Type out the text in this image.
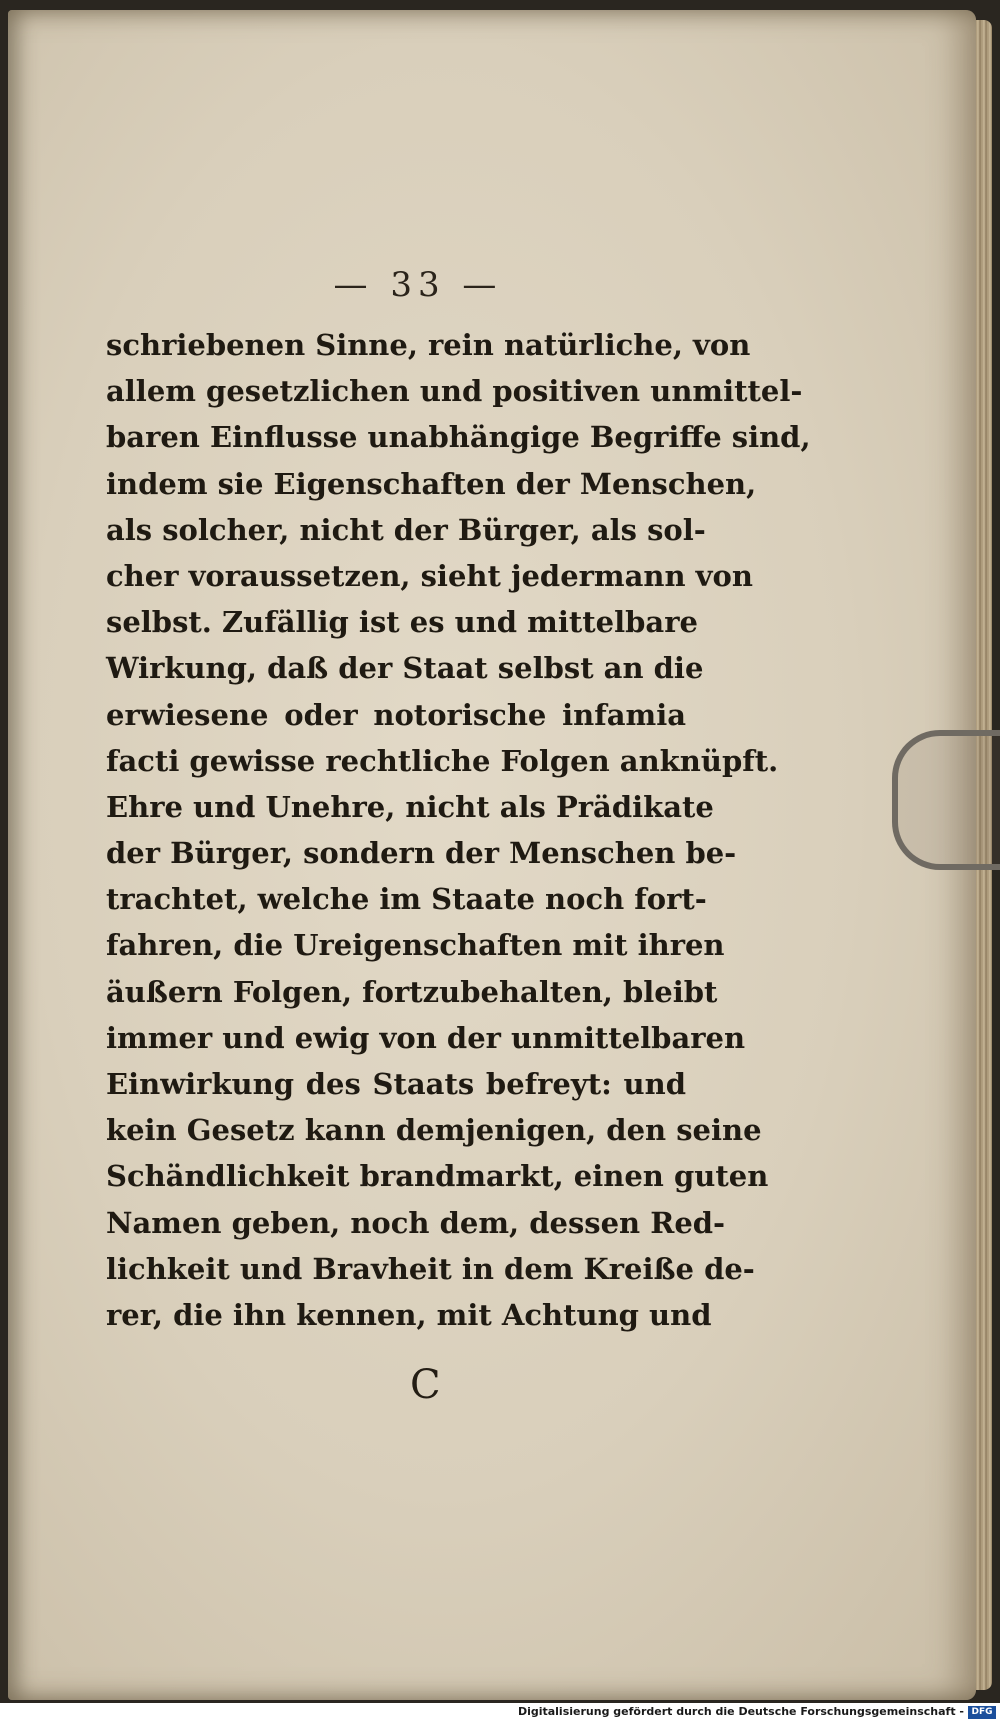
— 33 —
schriebenen Sinne, rein natürliche, von
allem gesetzlichen und positiven unmittel-
baren Einflusse unabhängige Begriffe sind,
indem sie Eigenschaften der Menschen,
als solcher, nicht der Bürger, als sol-
cher voraussetzen, sieht jedermann von
selbst. Zufällig ist es und mittelbare
Wirkung, daß der Staat selbst an die
erwiesene oder notorische infamia
facti gewisse rechtliche Folgen anknüpft.
Ehre und Unehre, nicht als Prädikate
der Bürger, sondern der Menschen be-
trachtet, welche im Staate noch fort-
fahren, die Ureigenschaften mit ihren
äußern Folgen, fortzubehalten, bleibt
immer und ewig von der unmittelbaren
Einwirkung des Staats befreyt: und
kein Gesetz kann demjenigen, den seine
Schändlichkeit brandmarkt, einen guten
Namen geben, noch dem, dessen Red-
lichkeit und Bravheit in dem Kreiße de-
rer, die ihn kennen, mit Achtung und
C
Digitalisierung gefördert durch die Deutsche Forschungsgemeinschaft - DFG
